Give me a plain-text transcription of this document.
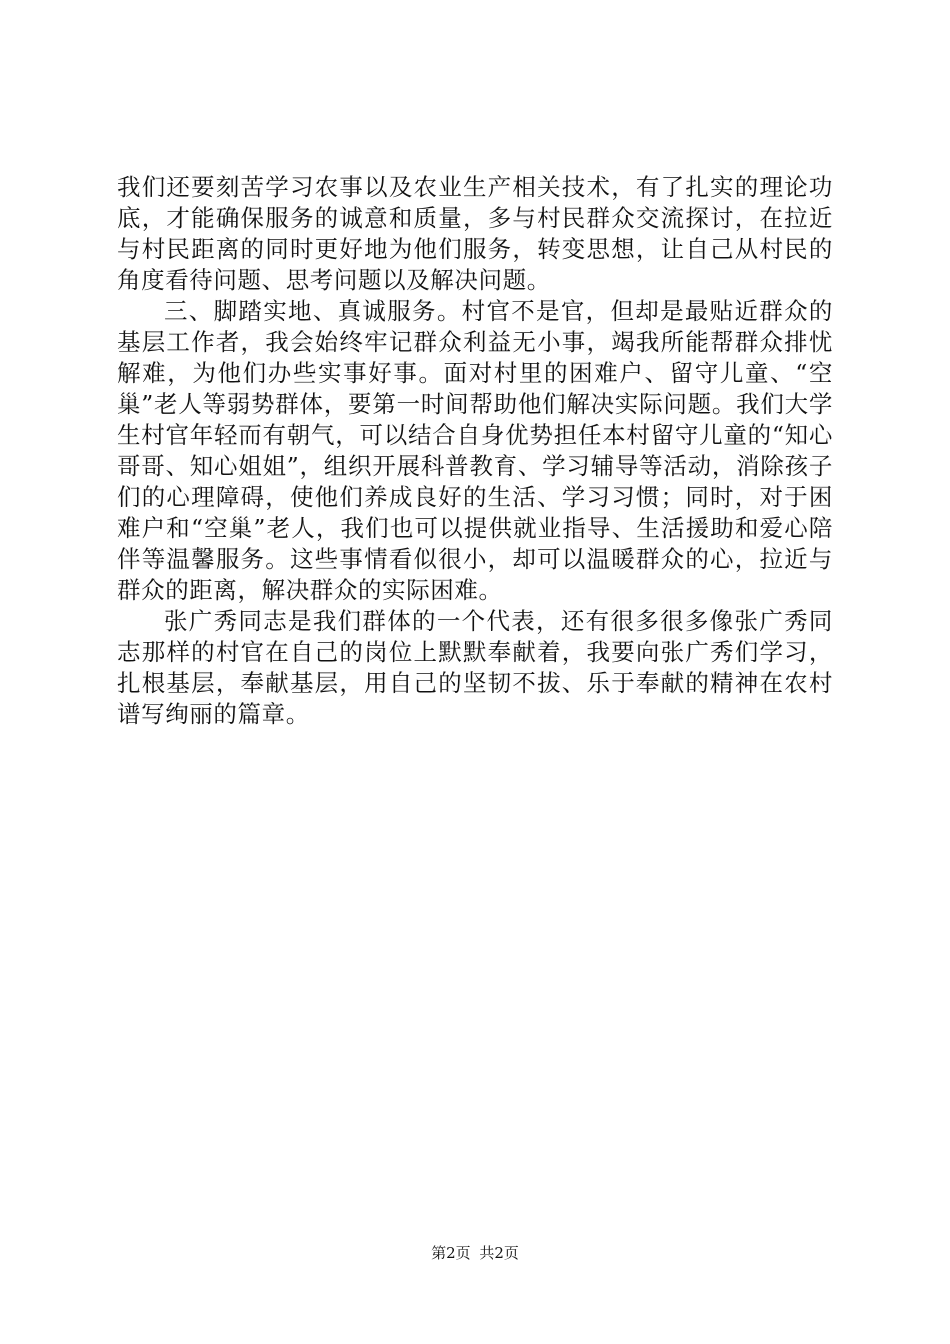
我们还要刻苦学习农事以及农业生产相关技术，有了扎实的理论功底，才能确保服务的诚意和质量，多与村民群众交流探讨，在拉近与村民距离的同时更好地为他们服务，转变思想，让自己从村民的角度看待问题、思考问题以及解决问题。

三、脚踏实地、真诚服务。村官不是官，但却是最贴近群众的基层工作者，我会始终牢记群众利益无小事，竭我所能帮群众排忧解难，为他们办些实事好事。面对村里的困难户、留守儿童、“空巢”老人等弱势群体，要第一时间帮助他们解决实际问题。我们大学生村官年轻而有朝气，可以结合自身优势担任本村留守儿童的“知心哥哥、知心姐姐”，组织开展科普教育、学习辅导等活动，消除孩子们的心理障碍，使他们养成良好的生活、学习习惯；同时，对于困难户和“空巢”老人，我们也可以提供就业指导、生活援助和爱心陪伴等温馨服务。这些事情看似很小，却可以温暖群众的心，拉近与群众的距离，解决群众的实际困难。

张广秀同志是我们群体的一个代表，还有很多很多像张广秀同志那样的村官在自己的岗位上默默奉献着，我要向张广秀们学习，扎根基层，奉献基层，用自己的坚韧不拔、乐于奉献的精神在农村谱写绚丽的篇章。

第2页 共2页
